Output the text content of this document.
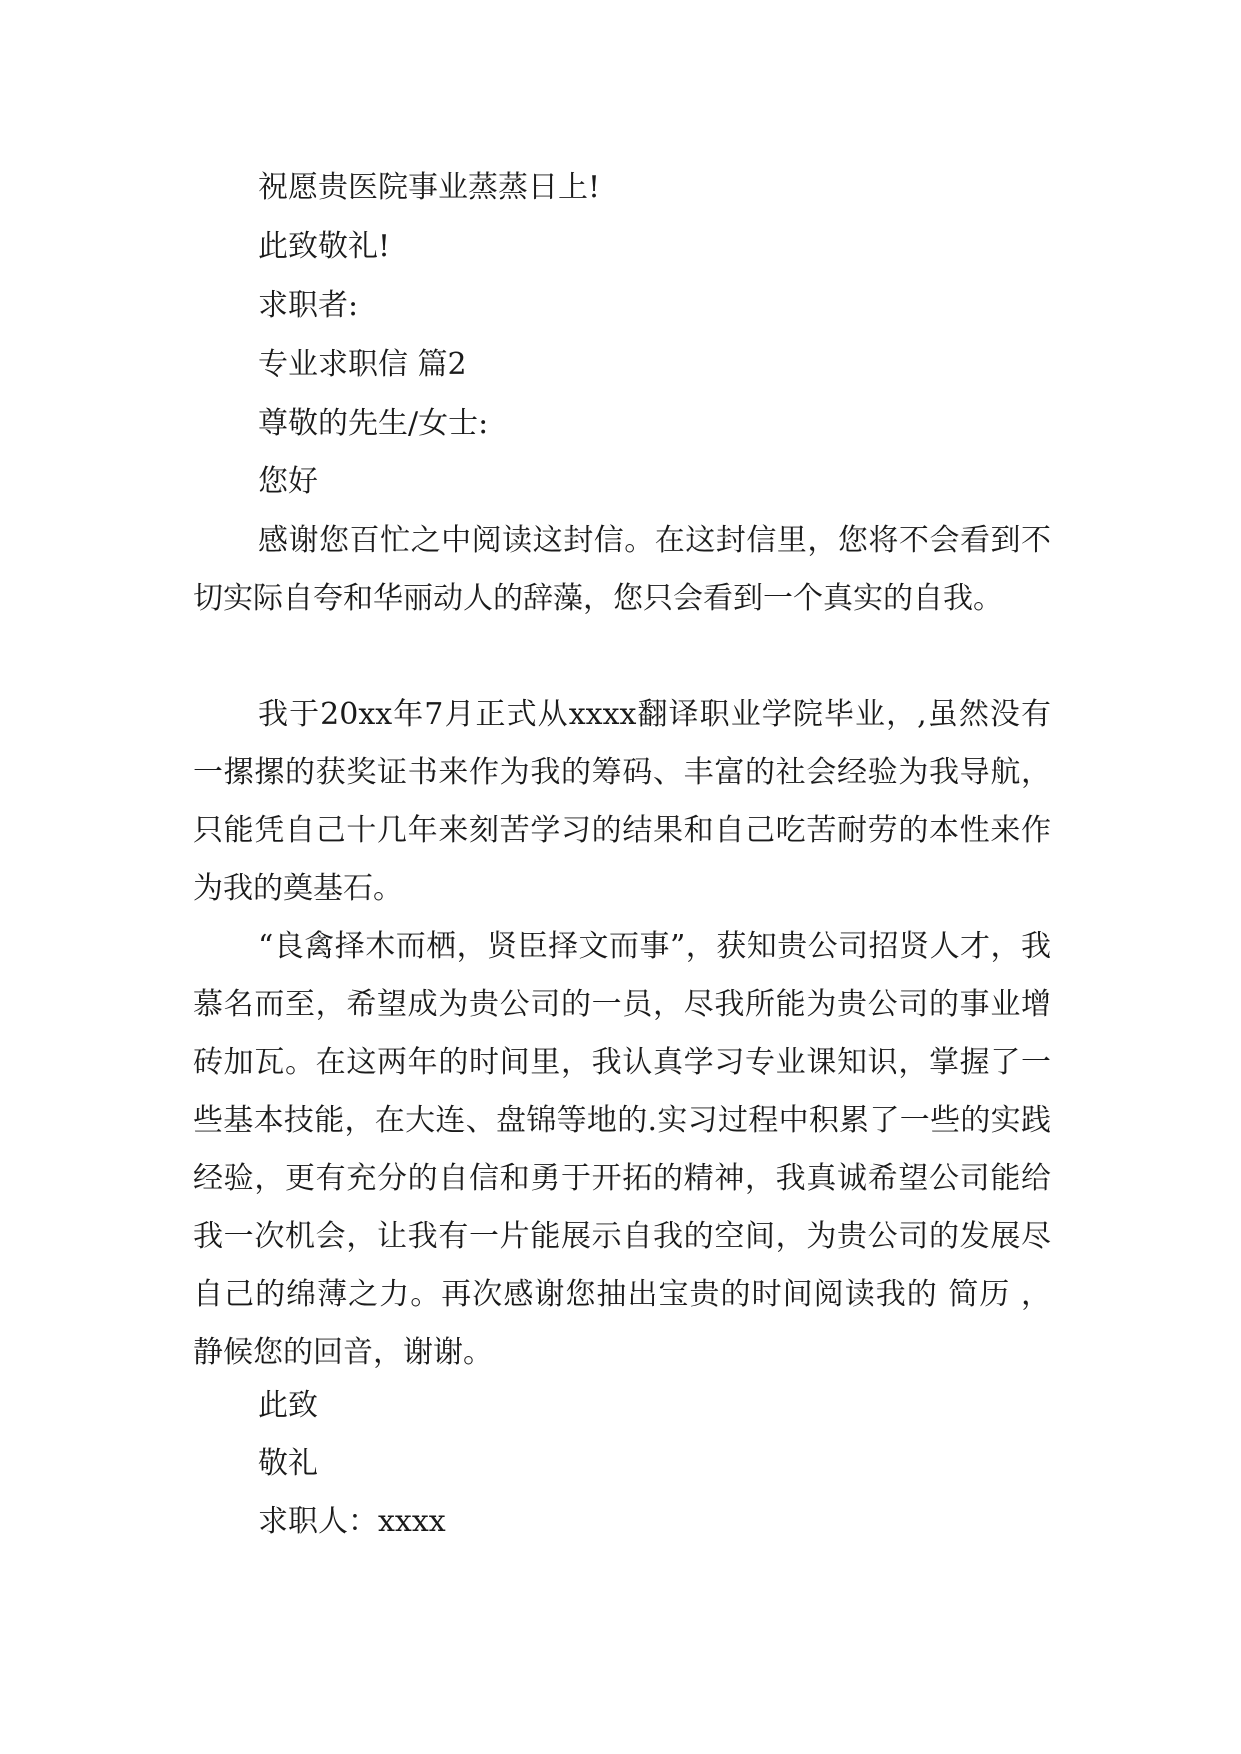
祝愿贵医院事业蒸蒸日上!
此致敬礼!
求职者:
专业求职信 篇2
尊敬的先生/女士:
您好

感谢您百忙之中阅读这封信。在这封信里，您将不会看到不切实际自夸和华丽动人的辞藻，您只会看到一个真实的自我。

我于20xx年7月正式从xxxx翻译职业学院毕业，,虽然没有一摞摞的获奖证书来作为我的筹码、丰富的社会经验为我导航，只能凭自己十几年来刻苦学习的结果和自己吃苦耐劳的本性来作为我的奠基石。

“良禽择木而栖，贤臣择文而事”，获知贵公司招贤人才，我慕名而至，希望成为贵公司的一员，尽我所能为贵公司的事业增砖加瓦。在这两年的时间里，我认真学习专业课知识，掌握了一些基本技能，在大连、盘锦等地的.实习过程中积累了一些的实践经验，更有充分的自信和勇于开拓的精神，我真诚希望公司能给我一次机会，让我有一片能展示自我的空间，为贵公司的发展尽自己的绵薄之力。再次感谢您抽出宝贵的时间阅读我的 简历 ，静候您的回音，谢谢。

此致
敬礼
求职人：xxxx
